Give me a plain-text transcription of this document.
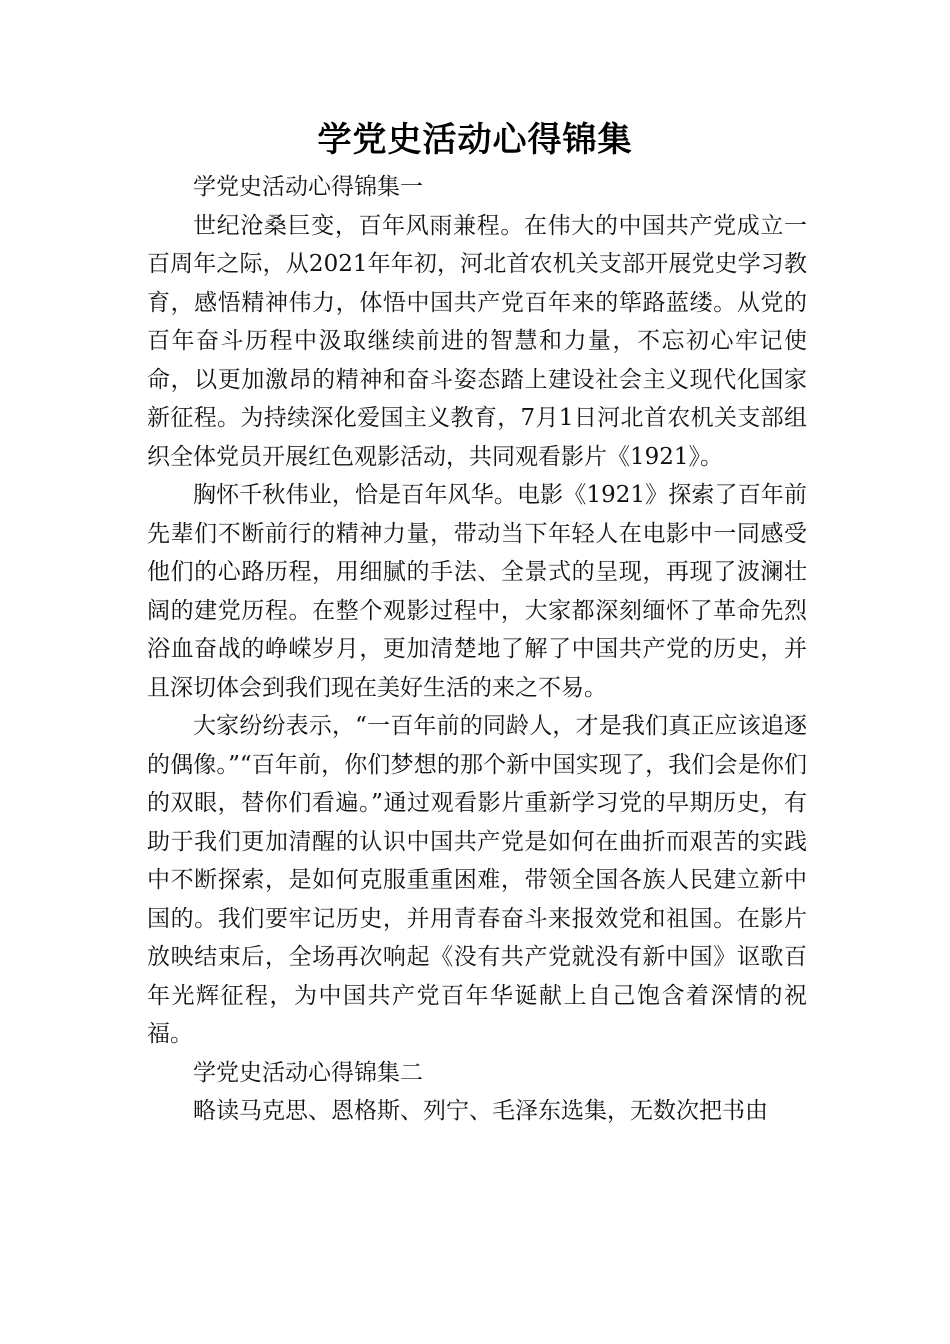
学党史活动心得锦集

学党史活动心得锦集一

世纪沧桑巨变，百年风雨兼程。在伟大的中国共产党成立一百周年之际，从2021年年初，河北首农机关支部开展党史学习教育，感悟精神伟力，体悟中国共产党百年来的筚路蓝缕。从党的百年奋斗历程中汲取继续前进的智慧和力量，不忘初心牢记使命，以更加激昂的精神和奋斗姿态踏上建设社会主义现代化国家新征程。为持续深化爱国主义教育，7月1日河北首农机关支部组织全体党员开展红色观影活动，共同观看影片《1921》。

胸怀千秋伟业，恰是百年风华。电影《1921》探索了百年前先辈们不断前行的精神力量，带动当下年轻人在电影中一同感受他们的心路历程，用细腻的手法、全景式的呈现，再现了波澜壮阔的建党历程。在整个观影过程中，大家都深刻缅怀了革命先烈浴血奋战的峥嵘岁月，更加清楚地了解了中国共产党的历史，并且深切体会到我们现在美好生活的来之不易。

大家纷纷表示，“一百年前的同龄人，才是我们真正应该追逐的偶像。”“百年前，你们梦想的那个新中国实现了，我们会是你们的双眼，替你们看遍。”通过观看影片重新学习党的早期历史，有助于我们更加清醒的认识中国共产党是如何在曲折而艰苦的实践中不断探索，是如何克服重重困难，带领全国各族人民建立新中国的。我们要牢记历史，并用青春奋斗来报效党和祖国。在影片放映结束后，全场再次响起《没有共产党就没有新中国》讴歌百年光辉征程，为中国共产党百年华诞献上自己饱含着深情的祝福。

学党史活动心得锦集二

略读马克思、恩格斯、列宁、毛泽东选集，无数次把书由
